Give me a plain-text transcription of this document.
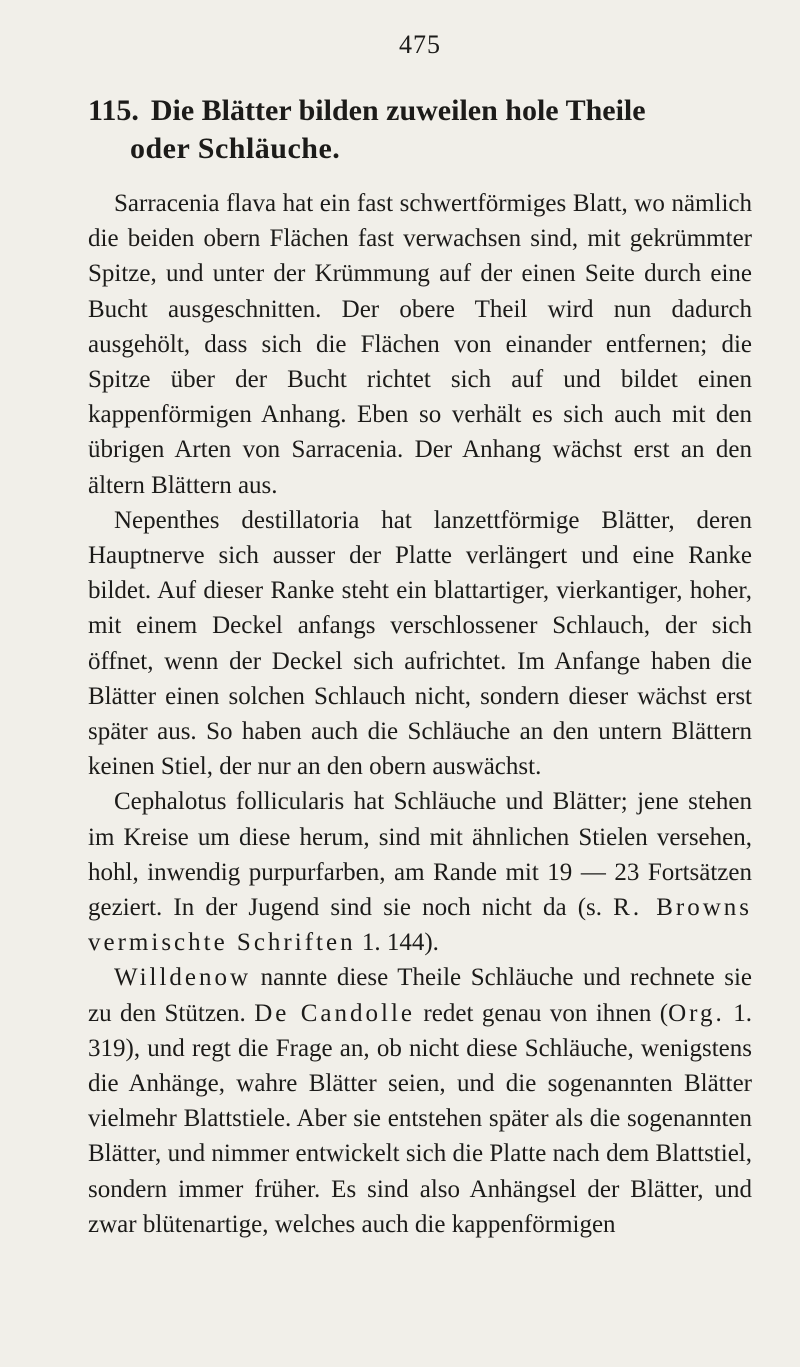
475
115. Die Blätter bilden zuweilen hole Theile
oder Schläuche.

Sarracenia flava hat ein fast schwertförmiges Blatt, wo nämlich die beiden obern Flächen fast verwachsen sind, mit gekrümmter Spitze, und unter der Krümmung auf der einen Seite durch eine Bucht ausgeschnitten. Der obere Theil wird nun dadurch ausgehölt, dass sich die Flächen von einander entfernen; die Spitze über der Bucht richtet sich auf und bildet einen kappenförmigen Anhang. Eben so verhält es sich auch mit den übrigen Arten von Sarracenia. Der Anhang wächst erst an den ältern Blättern aus.

Nepenthes destillatoria hat lanzettförmige Blätter, deren Hauptnerve sich ausser der Platte verlängert und eine Ranke bildet. Auf dieser Ranke steht ein blattartiger, vierkantiger, hoher, mit einem Deckel anfangs verschlossener Schlauch, der sich öffnet, wenn der Deckel sich aufrichtet. Im Anfange haben die Blätter einen solchen Schlauch nicht, sondern dieser wächst erst später aus. So haben auch die Schläuche an den untern Blättern keinen Stiel, der nur an den obern auswächst.

Cephalotus follicularis hat Schläuche und Blätter; jene stehen im Kreise um diese herum, sind mit ähnlichen Stielen versehen, hohl, inwendig purpurfarben, am Rande mit 19 — 23 Fortsätzen geziert. In der Jugend sind sie noch nicht da (s. R. Browns vermischte Schriften 1. 144).

Willdenow nannte diese Theile Schläuche und rechnete sie zu den Stützen. De Candolle redet genau von ihnen (Org. 1. 319), und regt die Frage an, ob nicht diese Schläuche, wenigstens die Anhänge, wahre Blätter seien, und die sogenannten Blätter vielmehr Blattstiele. Aber sie entstehen später als die sogenannten Blätter, und nimmer entwickelt sich die Platte nach dem Blattstiel, sondern immer früher. Es sind also Anhängsel der Blätter, und zwar blütenartige, welches auch die kappenförmigen
